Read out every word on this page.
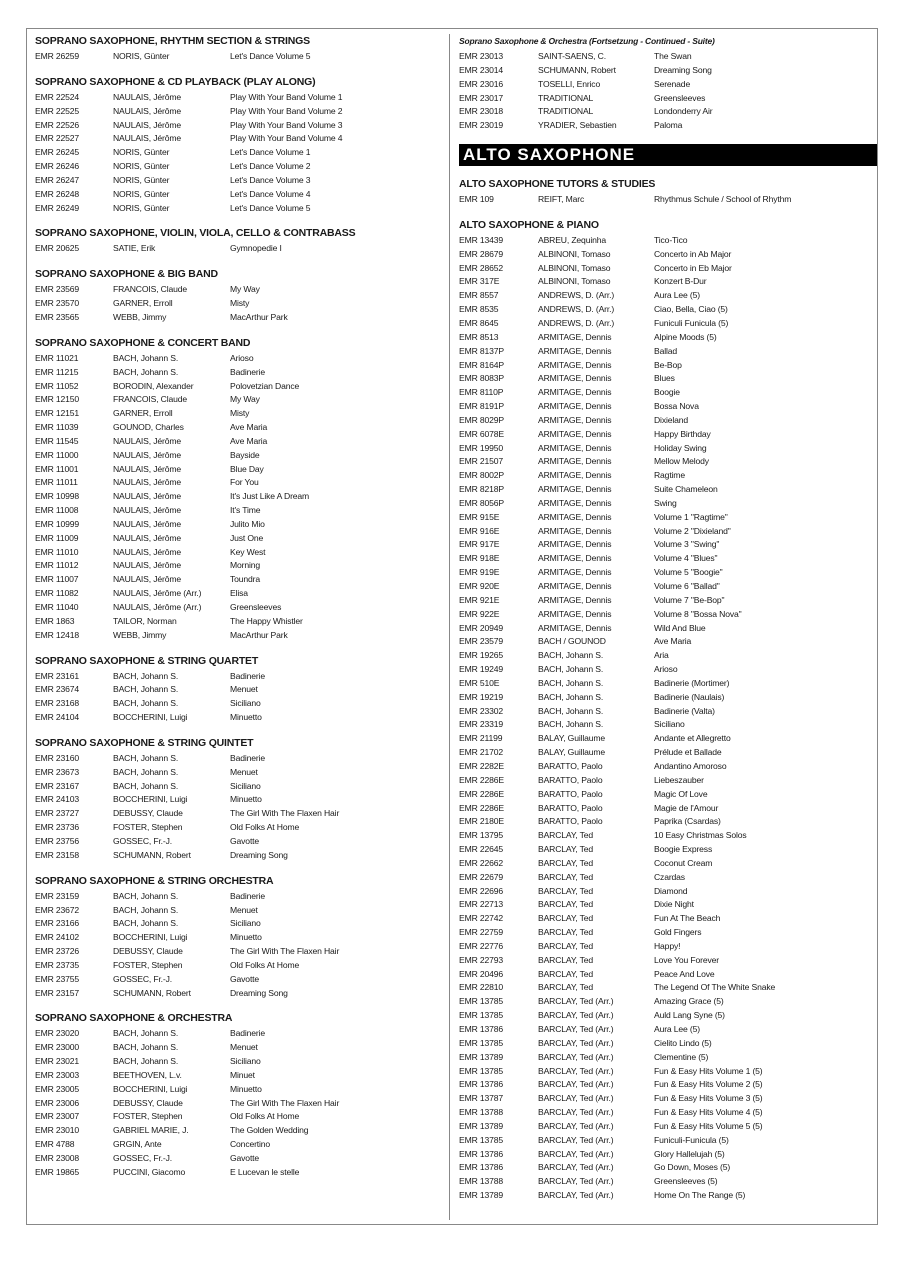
SOPRANO SAXOPHONE, RHYTHM SECTION & STRINGS
EMR 26259	NORIS, Günter	Let's Dance Volume 5
SOPRANO SAXOPHONE & CD PLAYBACK (PLAY ALONG)
EMR 22524	NAULAIS, Jérôme	Play With Your Band Volume 1
EMR 22525	NAULAIS, Jérôme	Play With Your Band Volume 2
EMR 22526	NAULAIS, Jérôme	Play With Your Band Volume 3
EMR 22527	NAULAIS, Jérôme	Play With Your Band Volume 4
EMR 26245	NORIS, Günter	Let's Dance Volume 1
EMR 26246	NORIS, Günter	Let's Dance Volume 2
EMR 26247	NORIS, Günter	Let's Dance Volume 3
EMR 26248	NORIS, Günter	Let's Dance Volume 4
EMR 26249	NORIS, Günter	Let's Dance Volume 5
SOPRANO SAXOPHONE, VIOLIN, VIOLA, CELLO & CONTRABASS
EMR 20625	SATIE, Erik	Gymnopedie I
SOPRANO SAXOPHONE & BIG BAND
EMR 23569	FRANCOIS, Claude	My Way
EMR 23570	GARNER, Erroll	Misty
EMR 23565	WEBB, Jimmy	MacArthur Park
SOPRANO SAXOPHONE & CONCERT BAND
EMR 11021	BACH, Johann S.	Arioso
EMR 11215	BACH, Johann S.	Badinerie
EMR 11052	BORODIN, Alexander	Polovetzian Dance
EMR 12150	FRANCOIS, Claude	My Way
EMR 12151	GARNER, Erroll	Misty
EMR 11039	GOUNOD, Charles	Ave Maria
EMR 11545	NAULAIS, Jérôme	Ave Maria
EMR 11000	NAULAIS, Jérôme	Bayside
EMR 11001	NAULAIS, Jérôme	Blue Day
EMR 11011	NAULAIS, Jérôme	For You
EMR 10998	NAULAIS, Jérôme	It's Just Like A Dream
EMR 11008	NAULAIS, Jérôme	It's Time
EMR 10999	NAULAIS, Jérôme	Julito Mio
EMR 11009	NAULAIS, Jérôme	Just One
EMR 11010	NAULAIS, Jérôme	Key West
EMR 11012	NAULAIS, Jérôme	Morning
EMR 11007	NAULAIS, Jérôme	Toundra
EMR 11082	NAULAIS, Jérôme (Arr.)	Elisa
EMR 11040	NAULAIS, Jérôme (Arr.)	Greensleeves
EMR 1863	TAILOR, Norman	The Happy Whistler
EMR 12418	WEBB, Jimmy	MacArthur Park
SOPRANO SAXOPHONE & STRING QUARTET
EMR 23161	BACH, Johann S.	Badinerie
EMR 23674	BACH, Johann S.	Menuet
EMR 23168	BACH, Johann S.	Siciliano
EMR 24104	BOCCHERINI, Luigi	Minuetto
SOPRANO SAXOPHONE & STRING QUINTET
EMR 23160	BACH, Johann S.	Badinerie
EMR 23673	BACH, Johann S.	Menuet
EMR 23167	BACH, Johann S.	Siciliano
EMR 24103	BOCCHERINI, Luigi	Minuetto
EMR 23727	DEBUSSY, Claude	The Girl With The Flaxen Hair
EMR 23736	FOSTER, Stephen	Old Folks At Home
EMR 23756	GOSSEC, Fr.-J.	Gavotte
EMR 23158	SCHUMANN, Robert	Dreaming Song
SOPRANO SAXOPHONE & STRING ORCHESTRA
EMR 23159	BACH, Johann S.	Badinerie
EMR 23672	BACH, Johann S.	Menuet
EMR 23166	BACH, Johann S.	Siciliano
EMR 24102	BOCCHERINI, Luigi	Minuetto
EMR 23726	DEBUSSY, Claude	The Girl With The Flaxen Hair
EMR 23735	FOSTER, Stephen	Old Folks At Home
EMR 23755	GOSSEC, Fr.-J.	Gavotte
EMR 23157	SCHUMANN, Robert	Dreaming Song
SOPRANO SAXOPHONE & ORCHESTRA
EMR 23020	BACH, Johann S.	Badinerie
EMR 23000	BACH, Johann S.	Menuet
EMR 23021	BACH, Johann S.	Siciliano
EMR 23003	BEETHOVEN, L.v.	Minuet
EMR 23005	BOCCHERINI, Luigi	Minuetto
EMR 23006	DEBUSSY, Claude	The Girl With The Flaxen Hair
EMR 23007	FOSTER, Stephen	Old Folks At Home
EMR 23010	GABRIEL MARIE, J.	The Golden Wedding
EMR 4788	GRGIN, Ante	Concertino
EMR 23008	GOSSEC, Fr.-J.	Gavotte
EMR 19865	PUCCINI, Giacomo	E Lucevan le stelle
Soprano Saxophone & Orchestra (Fortsetzung - Continued - Suite)
EMR 23013	SAINT-SAENS, C.	The Swan
EMR 23014	SCHUMANN, Robert	Dreaming Song
EMR 23016	TOSELLI, Enrico	Serenade
EMR 23017	TRADITIONAL	Greensleeves
EMR 23018	TRADITIONAL	Londonderry Air
EMR 23019	YRADIER, Sebastien	Paloma
ALTO SAXOPHONE
ALTO SAXOPHONE TUTORS & STUDIES
EMR 109	REIFT, Marc	Rhythmus Schule / School of Rhythm
ALTO SAXOPHONE & PIANO
EMR 13439	ABREU, Zequinha	Tico-Tico
EMR 28679	ALBINONI, Tomaso	Concerto in Ab Major
EMR 28652	ALBINONI, Tomaso	Concerto in Eb Major
EMR 317E	ALBINONI, Tomaso	Konzert B-Dur
EMR 8557	ANDREWS, D. (Arr.)	Aura Lee (5)
EMR 8535	ANDREWS, D. (Arr.)	Ciao, Bella, Ciao (5)
EMR 8645	ANDREWS, D. (Arr.)	Funiculi Funicula (5)
EMR 8513	ARMITAGE, Dennis	Alpine Moods (5)
EMR 8137P	ARMITAGE, Dennis	Ballad
EMR 8164P	ARMITAGE, Dennis	Be-Bop
EMR 8083P	ARMITAGE, Dennis	Blues
EMR 8110P	ARMITAGE, Dennis	Boogie
EMR 8191P	ARMITAGE, Dennis	Bossa Nova
EMR 8029P	ARMITAGE, Dennis	Dixieland
EMR 6078E	ARMITAGE, Dennis	Happy Birthday
EMR 19950	ARMITAGE, Dennis	Holiday Swing
EMR 21507	ARMITAGE, Dennis	Mellow Melody
EMR 8002P	ARMITAGE, Dennis	Ragtime
EMR 8218P	ARMITAGE, Dennis	Suite Chameleon
EMR 8056P	ARMITAGE, Dennis	Swing
EMR 915E	ARMITAGE, Dennis	Volume 1 "Ragtime"
EMR 916E	ARMITAGE, Dennis	Volume 2 "Dixieland"
EMR 917E	ARMITAGE, Dennis	Volume 3 "Swing"
EMR 918E	ARMITAGE, Dennis	Volume 4 "Blues"
EMR 919E	ARMITAGE, Dennis	Volume 5 "Boogie"
EMR 920E	ARMITAGE, Dennis	Volume 6 "Ballad"
EMR 921E	ARMITAGE, Dennis	Volume 7 "Be-Bop"
EMR 922E	ARMITAGE, Dennis	Volume 8 "Bossa Nova"
EMR 20949	ARMITAGE, Dennis	Wild And Blue
EMR 23579	BACH / GOUNOD	Ave Maria
EMR 19265	BACH, Johann S.	Aria
EMR 19249	BACH, Johann S.	Arioso
EMR 510E	BACH, Johann S.	Badinerie (Mortimer)
EMR 19219	BACH, Johann S.	Badinerie (Naulais)
EMR 23302	BACH, Johann S.	Badinerie (Valta)
EMR 23319	BACH, Johann S.	Siciliano
EMR 21199	BALAY, Guillaume	Andante et Allegretto
EMR 21702	BALAY, Guillaume	Prélude et Ballade
EMR 2282E	BARATTO, Paolo	Andantino Amoroso
EMR 2286E	BARATTO, Paolo	Liebeszauber
EMR 2286E	BARATTO, Paolo	Magic Of Love
EMR 2286E	BARATTO, Paolo	Magie de l'Amour
EMR 2180E	BARATTO, Paolo	Paprika (Csardas)
EMR 13795	BARCLAY, Ted	10 Easy Christmas Solos
EMR 22645	BARCLAY, Ted	Boogie Express
EMR 22662	BARCLAY, Ted	Coconut Cream
EMR 22679	BARCLAY, Ted	Czardas
EMR 22696	BARCLAY, Ted	Diamond
EMR 22713	BARCLAY, Ted	Dixie Night
EMR 22742	BARCLAY, Ted	Fun At The Beach
EMR 22759	BARCLAY, Ted	Gold Fingers
EMR 22776	BARCLAY, Ted	Happy!
EMR 22793	BARCLAY, Ted	Love You Forever
EMR 20496	BARCLAY, Ted	Peace And Love
EMR 22810	BARCLAY, Ted	The Legend Of The White Snake
EMR 13785	BARCLAY, Ted (Arr.)	Amazing Grace (5)
EMR 13785	BARCLAY, Ted (Arr.)	Auld Lang Syne (5)
EMR 13786	BARCLAY, Ted (Arr.)	Aura Lee (5)
EMR 13785	BARCLAY, Ted (Arr.)	Cielito Lindo (5)
EMR 13789	BARCLAY, Ted (Arr.)	Clementine (5)
EMR 13785	BARCLAY, Ted (Arr.)	Fun & Easy Hits Volume 1 (5)
EMR 13786	BARCLAY, Ted (Arr.)	Fun & Easy Hits Volume 2 (5)
EMR 13787	BARCLAY, Ted (Arr.)	Fun & Easy Hits Volume 3 (5)
EMR 13788	BARCLAY, Ted (Arr.)	Fun & Easy Hits Volume 4 (5)
EMR 13789	BARCLAY, Ted (Arr.)	Fun & Easy Hits Volume 5 (5)
EMR 13785	BARCLAY, Ted (Arr.)	Funiculi-Funicula (5)
EMR 13786	BARCLAY, Ted (Arr.)	Glory Hallelujah (5)
EMR 13786	BARCLAY, Ted (Arr.)	Go Down, Moses (5)
EMR 13788	BARCLAY, Ted (Arr.)	Greensleeves (5)
EMR 13789	BARCLAY, Ted (Arr.)	Home On The Range (5)
